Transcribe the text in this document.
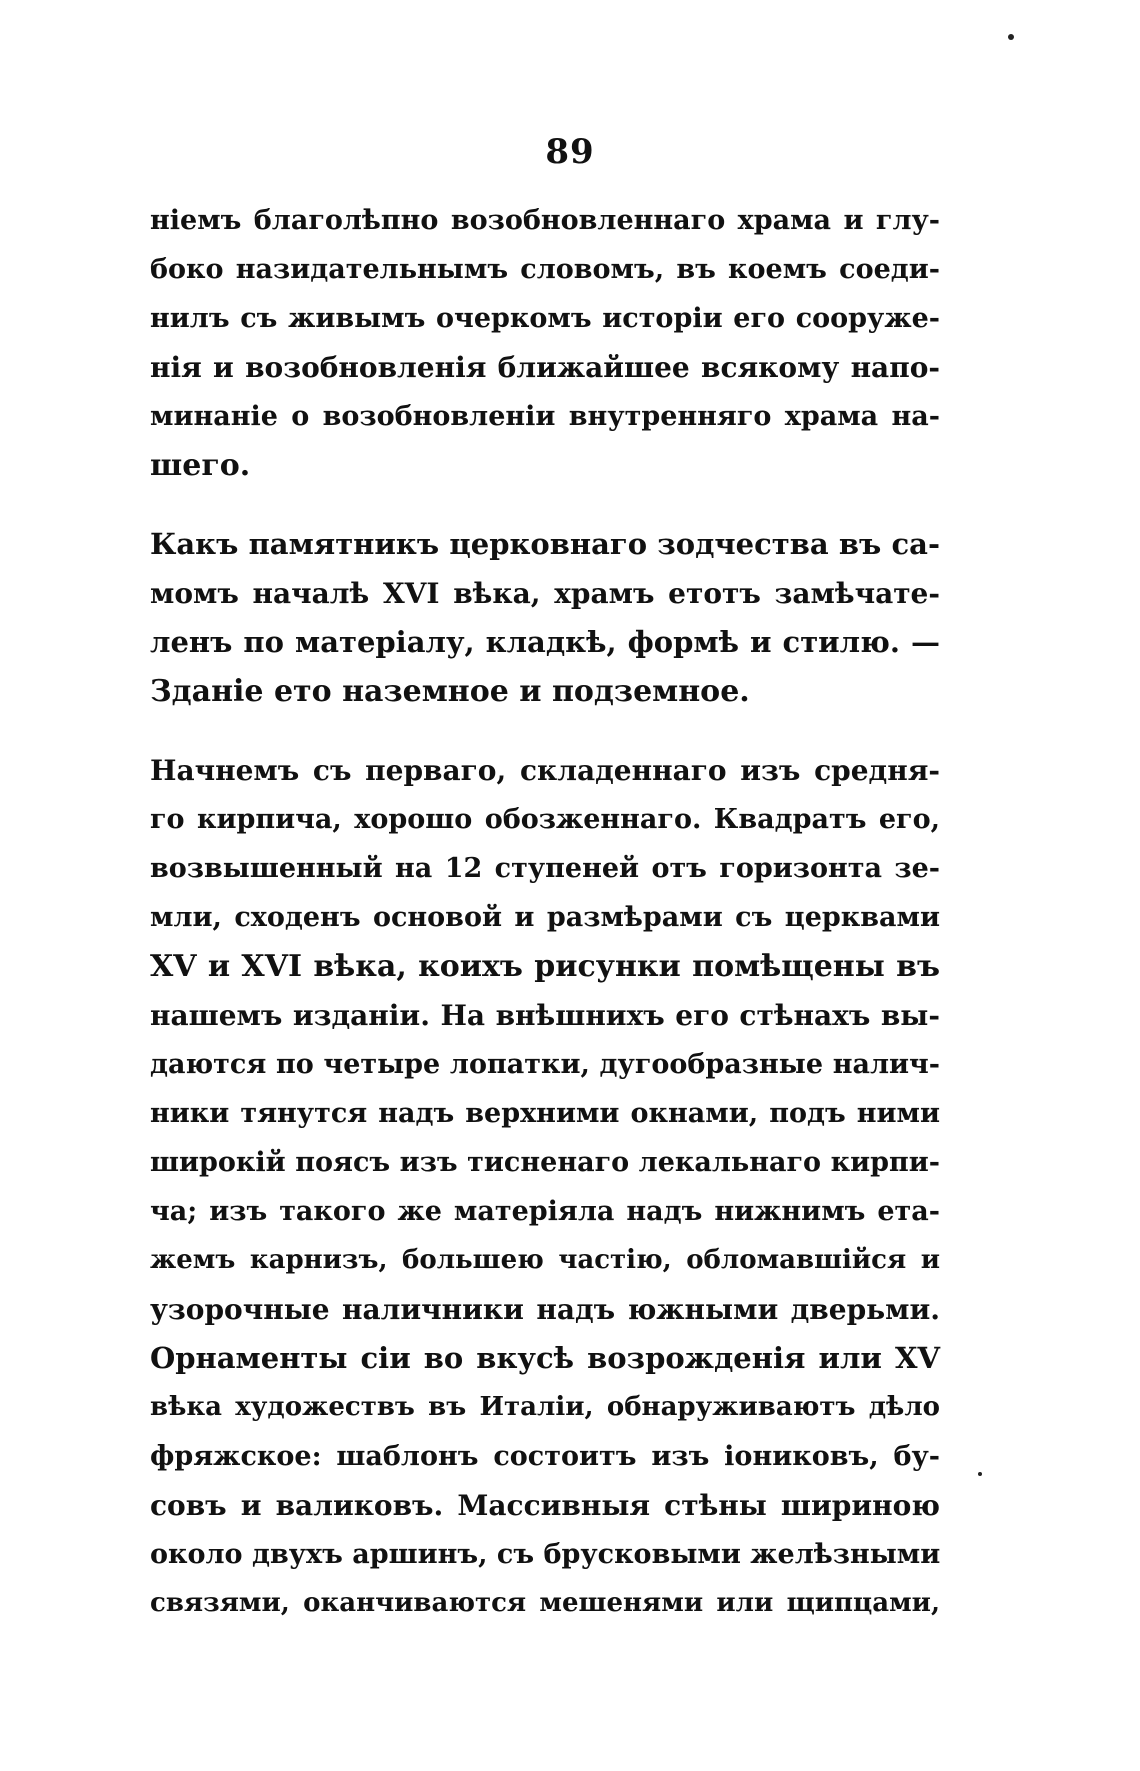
89
нiемъ благолѣпно возобновленнаго храма и глу-
боко назидательнымъ словомъ, въ коемъ соеди-
нилъ съ живымъ очеркомъ исторiи его сооруже-
нiя и возобновленiя ближайшее всякому напо-
минанiе о возобновленiи внутренняго храма на-
шего.
Какъ памятникъ церковнаго зодчества въ са-
момъ началѣ XVI вѣка, храмъ етотъ замѣчате-
ленъ по матерiалу, кладкѣ, формѣ и стилю. —
Зданiе ето наземное и подземное.
Начнемъ съ перваго, складеннаго изъ средня-
го кирпича, хорошо обозженнаго. Квадратъ его,
возвышенный на 12 ступеней отъ горизонта зе-
мли, сходенъ основой и размѣрами съ церквами
XV и XVI вѣка, коихъ рисунки помѣщены въ
нашемъ изданiи. На внѣшнихъ его стѣнахъ вы-
даются по четыре лопатки, дугообразные налич-
ники тянутся надъ верхними окнами, подъ ними
широкiй поясъ изъ тисненаго лекальнаго кирпи-
ча; изъ такого же матерiяла надъ нижнимъ ета-
жемъ карнизъ, большею частiю, обломавшiйся и
узорочные наличники надъ южными дверьми.
Орнаменты сiи во вкусѣ возрожденiя или XV
вѣка художествъ въ Италiи, обнаруживаютъ дѣло
фряжское: шаблонъ состоитъ изъ iониковъ, бу-
совъ и валиковъ. Массивныя стѣны шириною
около двухъ аршинъ, съ брусковыми желѣзными
связями, оканчиваются мешенями или щипцами,
